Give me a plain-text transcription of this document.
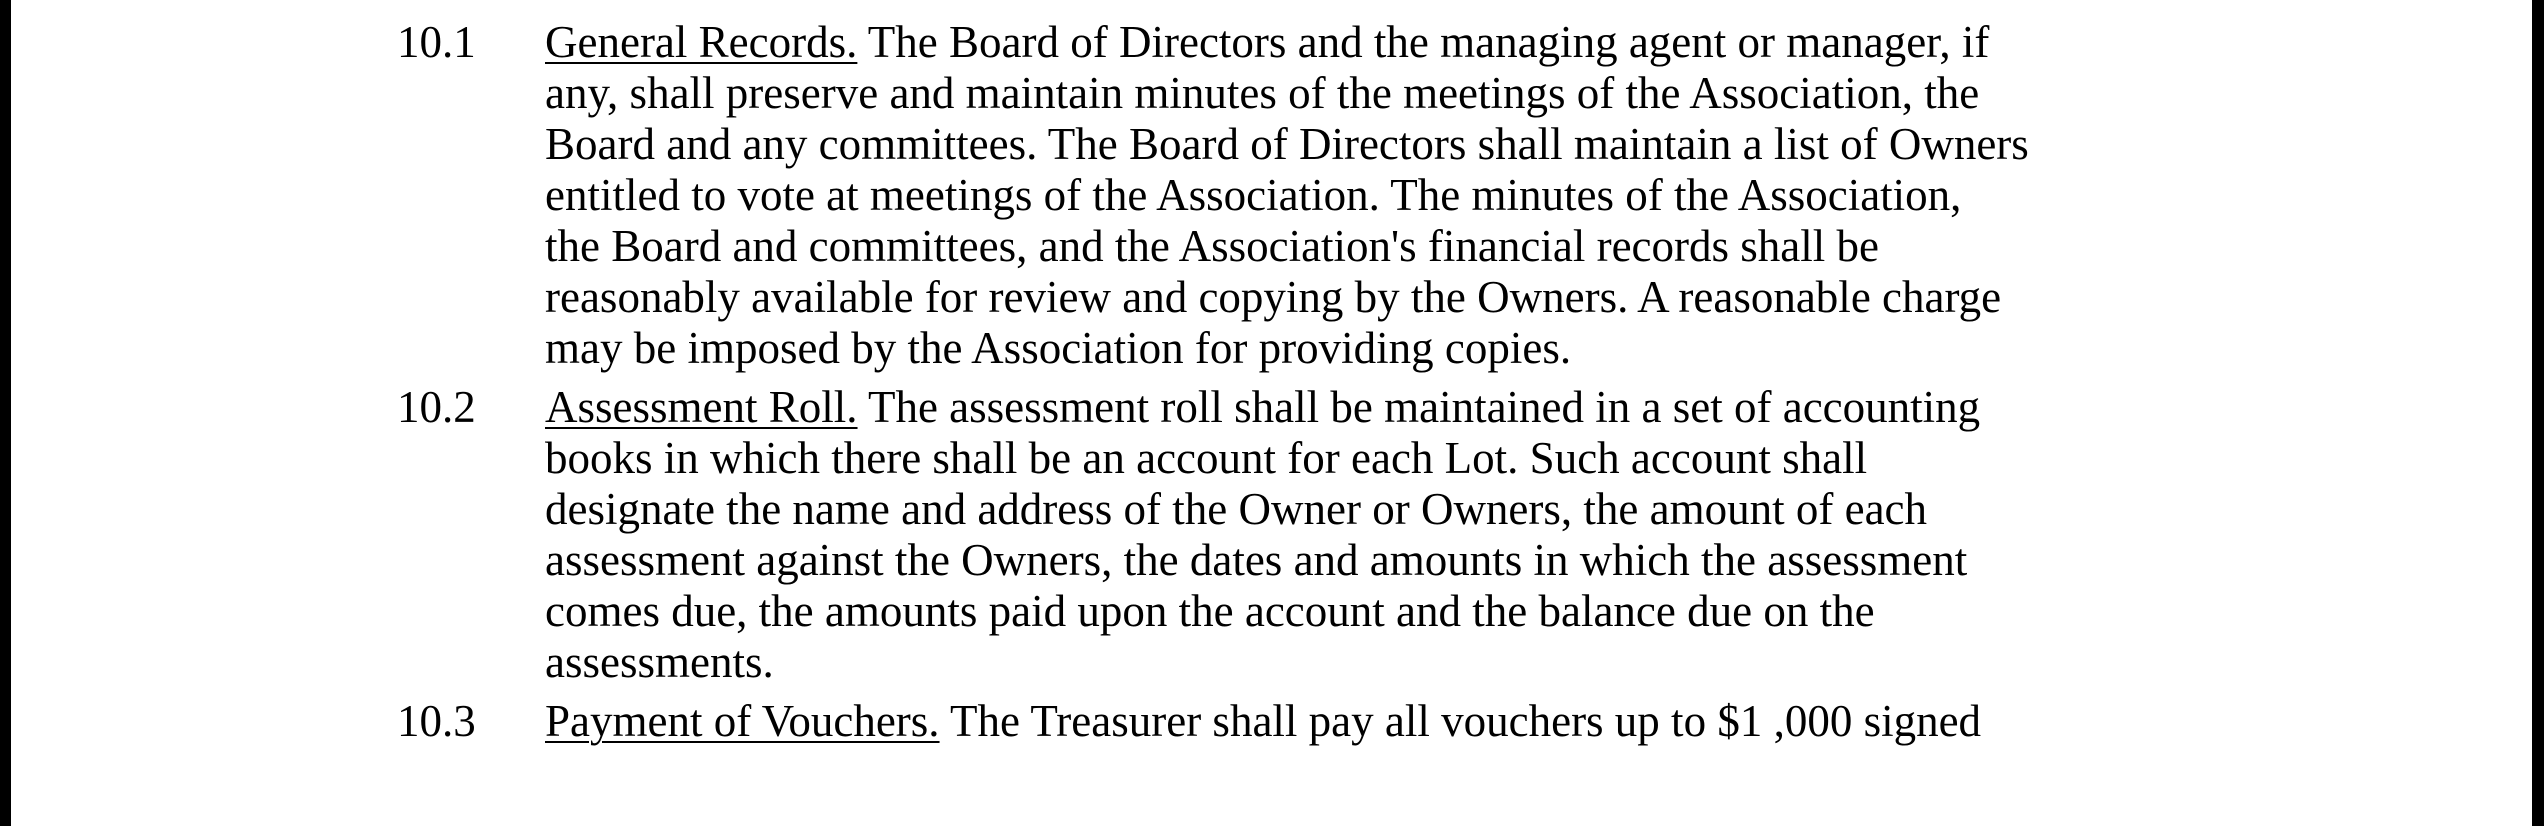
10.1 General Records. The Board of Directors and the managing agent or manager, if
any, shall preserve and maintain minutes of the meetings of the Association, the
Board and any committees. The Board of Directors shall maintain a list of Owners
entitled to vote at meetings of the Association. The minutes of the Association,
the Board and committees, and the Association's financial records shall be
reasonably available for review and copying by the Owners. A reasonable charge
may be imposed by the Association for providing copies.
10.2 Assessment Roll. The assessment roll shall be maintained in a set of accounting
books in which there shall be an account for each Lot. Such account shall
designate the name and address of the Owner or Owners, the amount of each
assessment against the Owners, the dates and amounts in which the assessment
comes due, the amounts paid upon the account and the balance due on the
assessments.
10.3 Payment of Vouchers. The Treasurer shall pay all vouchers up to $1 ,000 signed
